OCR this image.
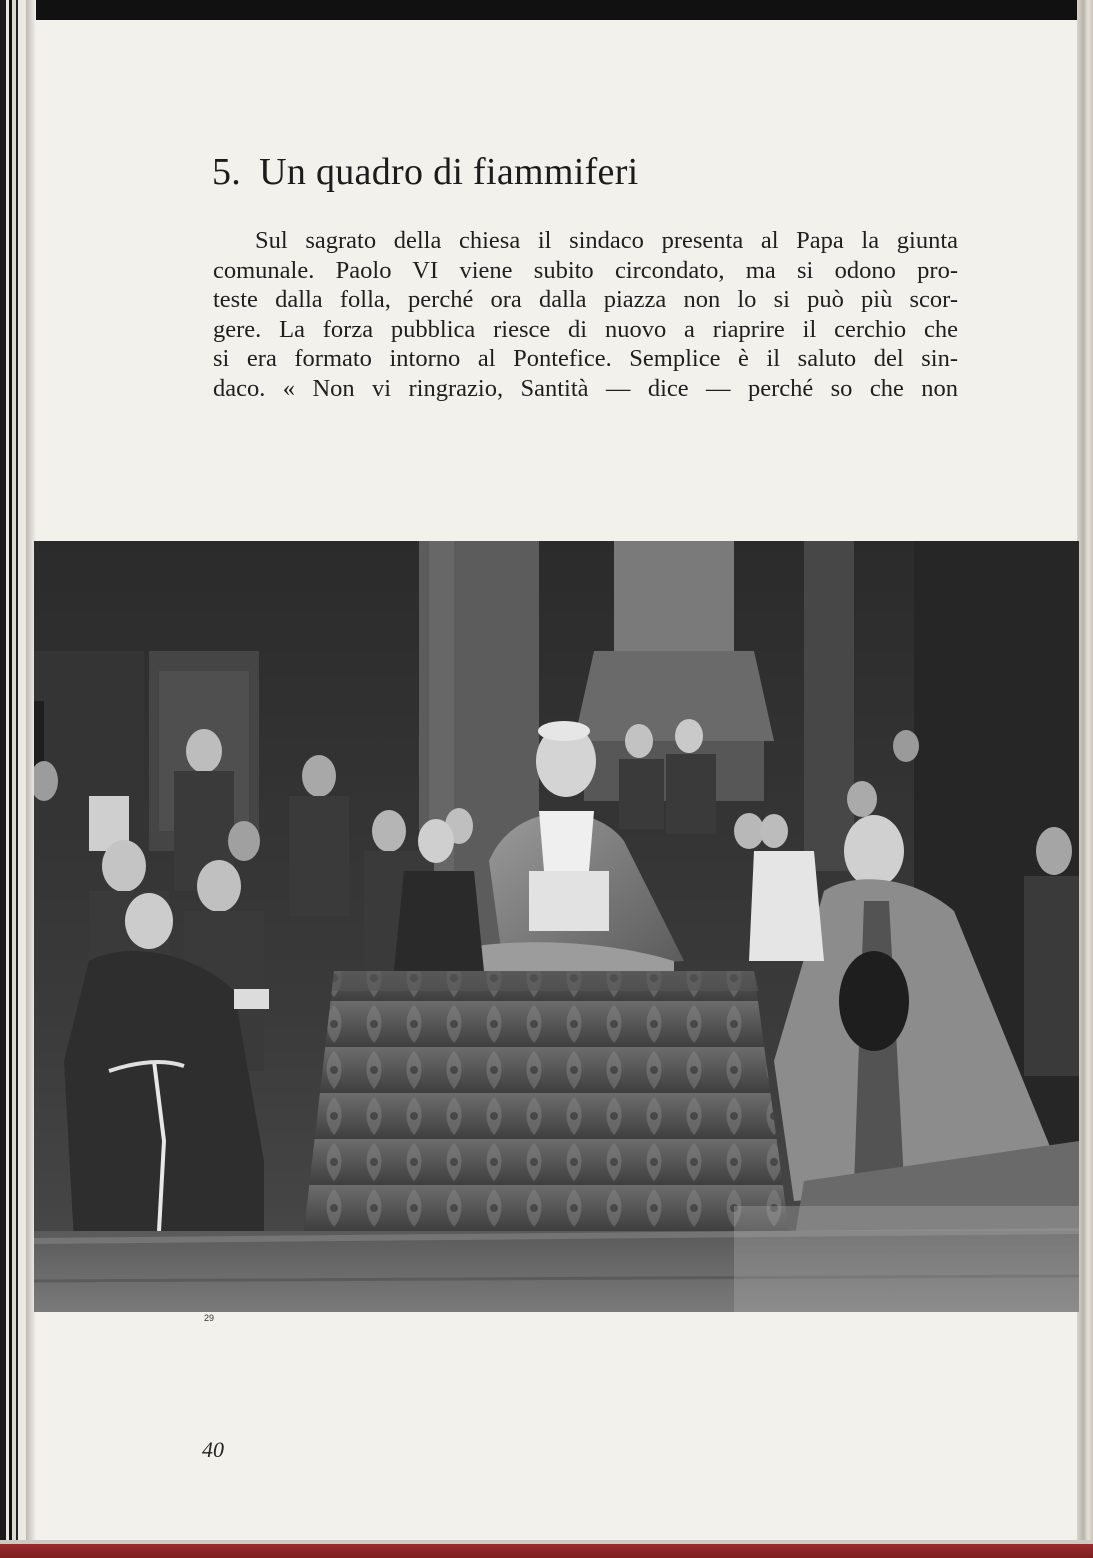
5. Un quadro di fiammiferi
Sul sagrato della chiesa il sindaco presenta al Papa la giunta
comunale. Paolo VI viene subito circondato, ma si odono pro-
teste dalla folla, perché ora dalla piazza non lo si può più scor-
gere. La forza pubblica riesce di nuovo a riaprire il cerchio che
si era formato intorno al Pontefice. Semplice è il saluto del sin-
daco. « Non vi ringrazio, Santità — dice — perché so che non
29
40
